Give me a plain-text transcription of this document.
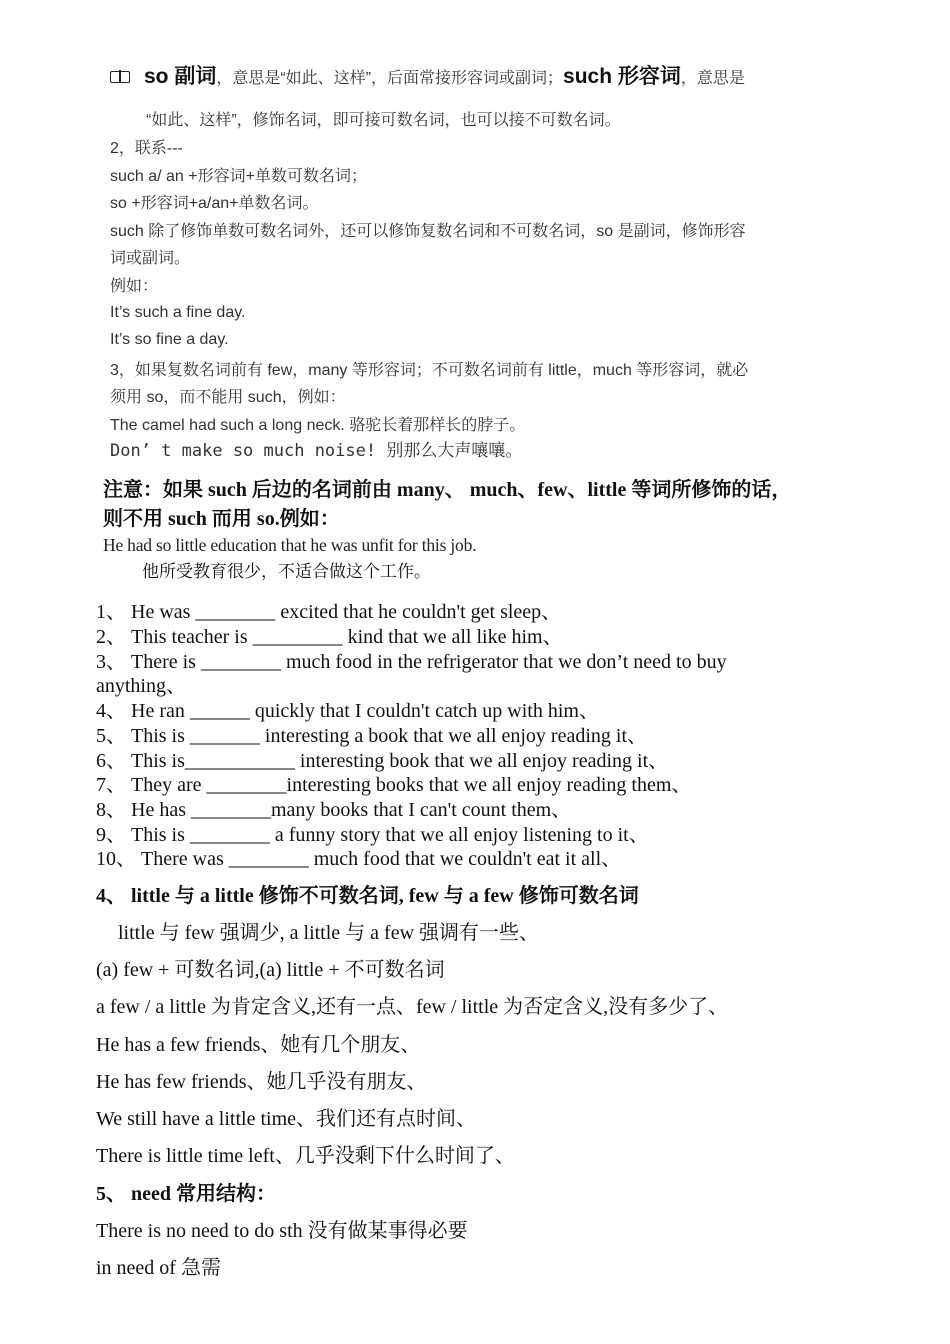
so 副词，意思是“如此、这样”，后面常接形容词或副词；such 形容词，意思是
“如此、这样”，修饰名词，即可接可数名词，也可以接不可数名词。
2，联系---
such a/ an +形容词+单数可数名词；
so +形容词+a/an+单数名词。
such 除了修饰单数可数名词外，还可以修饰复数名词和不可数名词，so 是副词，修饰形容
词或副词。
例如：
It’s such a fine day.
It’s so fine a day.
3，如果复数名词前有 few，many 等形容词；不可数名词前有 little，much 等形容词，就必
须用 so，而不能用 such，例如：
The camel had such a long neck. 骆驼长着那样长的脖子。
Don’ t make so much noise! 别那么大声嚷嚷。
注意：如果 such 后边的名词前由 many、 much、few、little 等词所修饰的话，
则不用 such 而用 so.例如：
He had so little education that he was unfit for this job.
他所受教育很少，不适合做这个工作。
1、 He was ________ excited that he couldn't get sleep、
2、 This teacher is _________ kind that we all like him、
3、 There is ________ much food in the refrigerator that we don’t need to buy
anything、
4、 He ran ______ quickly that I couldn't catch up with him、
5、 This is _______ interesting a book that we all enjoy reading it、
6、 This is___________ interesting book that we all enjoy reading it、
7、 They are ________interesting books that we all enjoy reading them、
8、 He has ________many books that I can't count them、
9、 This is ________ a funny story that we all enjoy listening to it、
10、 There was ________ much food that we couldn't eat it all、
4、 little 与 a little 修饰不可数名词, few 与 a few 修饰可数名词
little 与 few 强调少, a little 与 a few 强调有一些、
(a) few + 可数名词,(a) little + 不可数名词
a few / a little 为肯定含义,还有一点、few / little 为否定含义,没有多少了、
He has a few friends、她有几个朋友、
He has few friends、她几乎没有朋友、
We still have a little time、我们还有点时间、
There is little time left、几乎没剩下什么时间了、
5、 need 常用结构：
There is no need to do sth 没有做某事得必要
in need of 急需
